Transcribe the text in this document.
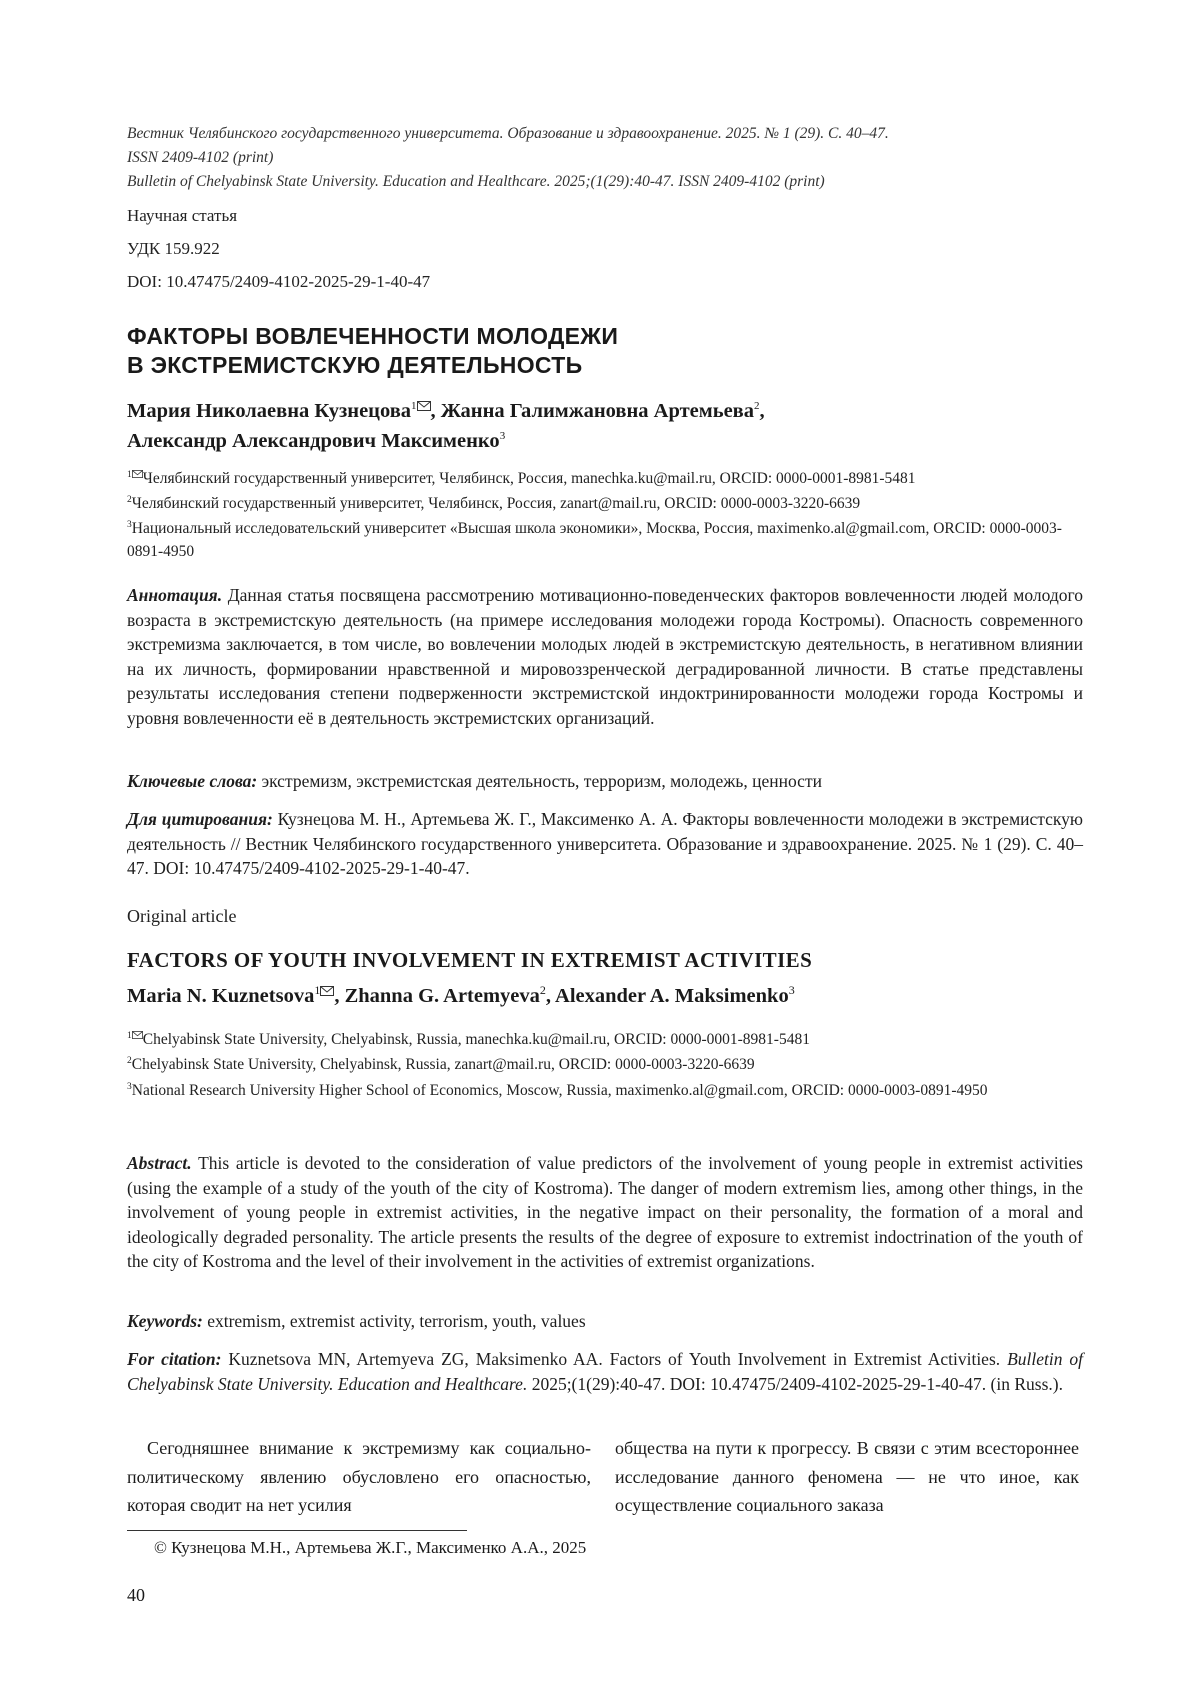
Вестник Челябинского государственного университета. Образование и здравоохранение. 2025. № 1 (29). С. 40–47.
ISSN 2409-4102 (print)
Bulletin of Chelyabinsk State University. Education and Healthcare. 2025;(1(29):40-47. ISSN 2409-4102 (print)
Научная статья
УДК 159.922
DOI: 10.47475/2409-4102-2025-29-1-40-47
ФАКТОРЫ ВОВЛЕЧЕННОСТИ МОЛОДЕЖИ
В ЭКСТРЕМИСТСКУЮ ДЕЯТЕЛЬНОСТЬ
Мария Николаевна Кузнецова$^1$ , Жанна Галимжановна Артемьева$^2$,
Александр Александрович Максименко$^3$
$^1$ Челябинский государственный университет, Челябинск, Россия, manechka.ku@mail.ru, ORCID: 0000-0001-8981-5481
$^2$Челябинский государственный университет, Челябинск, Россия, zanart@mail.ru, ORCID: 0000-0003-3220-6639
$^3$Национальный исследовательский университет «Высшая школа экономики», Москва, Россия, maximenko.al@gmail.com, ORCID: 0000-0003-0891-4950
Аннотация. Данная статья посвящена рассмотрению мотивационно-поведенческих факторов вовлеченности людей молодого возраста в экстремистскую деятельность (на примере исследования молодежи города Костромы). Опасность современного экстремизма заключается, в том числе, во вовлечении молодых людей в экстремистскую деятельность, в негативном влиянии на их личность, формировании нравственной и мировоззренческой деградированной личности. В статье представлены результаты исследования степени подверженности экстремистской индоктринированности молодежи города Костромы и уровня вовлеченности её в деятельность экстремистских организаций.
Ключевые слова: экстремизм, экстремистская деятельность, терроризм, молодежь, ценности
Для цитирования: Кузнецова М. Н., Артемьева Ж. Г., Максименко А. А. Факторы вовлеченности молодежи в экстремистскую деятельность // Вестник Челябинского государственного университета. Образование и здравоохранение. 2025. № 1 (29). С. 40–47. DOI: 10.47475/2409-4102-2025-29-1-40-47.
Original article
FACTORS OF YOUTH INVOLVEMENT IN EXTREMIST ACTIVITIES
Maria N. Kuznetsova$^1$ , Zhanna G. Artemyeva$^2$, Alexander A. Maksimenko$^3$
$^1$ Chelyabinsk State University, Chelyabinsk, Russia, manechka.ku@mail.ru, ORCID: 0000-0001-8981-5481
$^2$Chelyabinsk State University, Chelyabinsk, Russia, zanart@mail.ru, ORCID: 0000-0003-3220-6639
$^3$National Research University Higher School of Economics, Moscow, Russia, maximenko.al@gmail.com, ORCID: 0000-0003-0891-4950
Abstract. This article is devoted to the consideration of value predictors of the involvement of young people in extremist activities (using the example of a study of the youth of the city of Kostroma). The danger of modern extremism lies, among other things, in the involvement of young people in extremist activities, in the negative impact on their personality, the formation of a moral and ideologically degraded personality. The article presents the results of the degree of exposure to extremist indoctrination of the youth of the city of Kostroma and the level of their involvement in the activities of extremist organizations.
Keywords: extremism, extremist activity, terrorism, youth, values
For citation: Kuznetsova MN, Artemyeva ZG, Maksimenko AA. Factors of Youth Involvement in Extremist Activities. Bulletin of Chelyabinsk State University. Education and Healthcare. 2025;(1(29):40-47. DOI: 10.47475/2409-4102-2025-29-1-40-47. (in Russ.).
Сегодняшнее внимание к экстремизму как социально-политическому явлению обусловлено его опасностью, которая сводит на нет усилия
общества на пути к прогрессу. В связи с этим всестороннее исследование данного феномена — не что иное, как осуществление социального заказа
© Кузнецова М.Н., Артемьева Ж.Г., Максименко А.А., 2025
40
